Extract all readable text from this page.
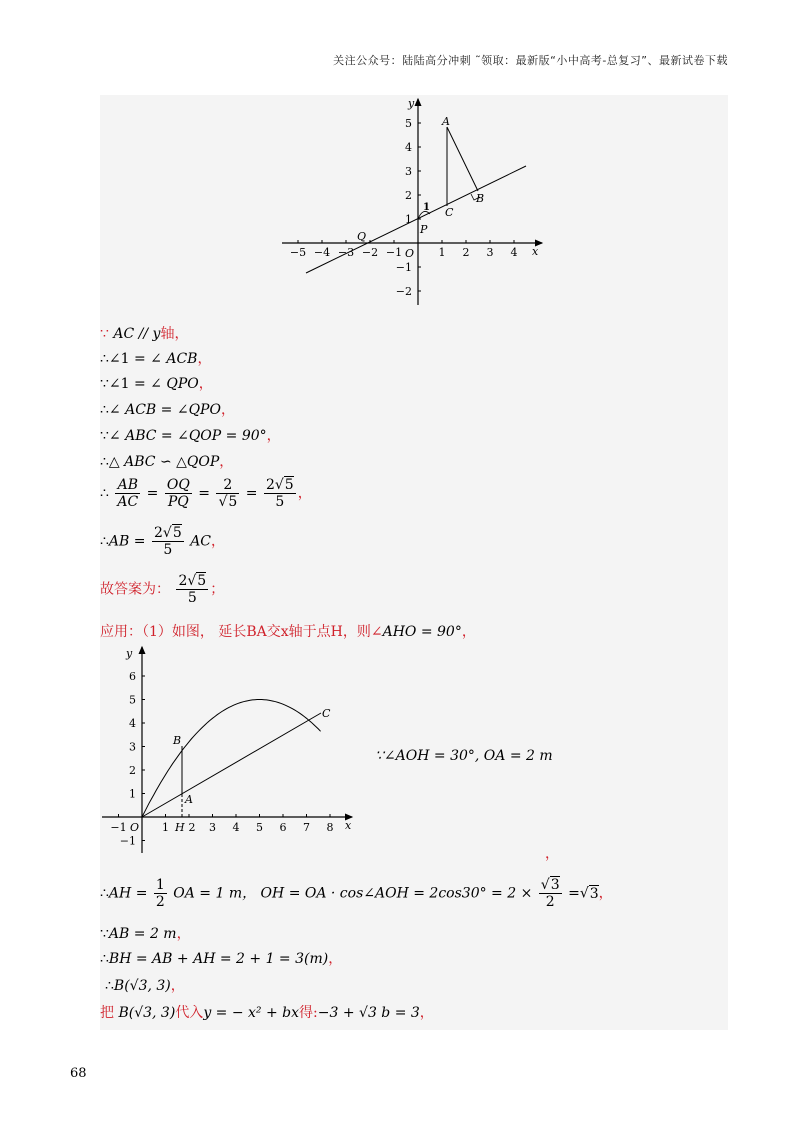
关注公众号：陆陆高分冲刺 ˜领取：最新版“小中高考-总复习”、最新试卷下载
−5 −4 −3 −2 −1	1 2 3 4
5
4
3
2
1
−1
−2
y
x
O
A
B
C
P
Q
1
∵ AC // y轴，
∴∠1 = ∠ ACB，
∵∠1 = ∠ QPO，
∴∠ ACB = ∠QPO，
∵∠ ABC = ∠QOP = 90°，
∴△ ABC ∽ △QOP，
∴ $\frac{AB}{AC} = \frac{OQ}{PQ} = \frac{2}{√5} = \frac{2√5}{5}$ ，
∴AB = $\frac{2√5}{5}$ AC，
故答案为： $\frac{2√5}{5}$ ；
应用：（1）如图， 延长BA交x轴于点H，则∠AHO = 90°，
−1	1 2 3 4 5 6 7 8
6
5
4
3
2
1
−1
y
x
O
A
B
C
H
∵∠AOH = 30°, OA = 2 m
，
∴AH = $\frac{1}{2}$ OA = 1 m， OH = OA · cos∠AOH = $2\cos 30^\circ = 2 \times \frac{√3}{2} =√3$，
∵AB = 2 m，
∴BH = AB + AH = 2 + 1 = 3(m)，
∴B(√3, 3)，
把 B(√3, 3)代入y = − x² + bx得:−3 + √3 b = 3，
68
